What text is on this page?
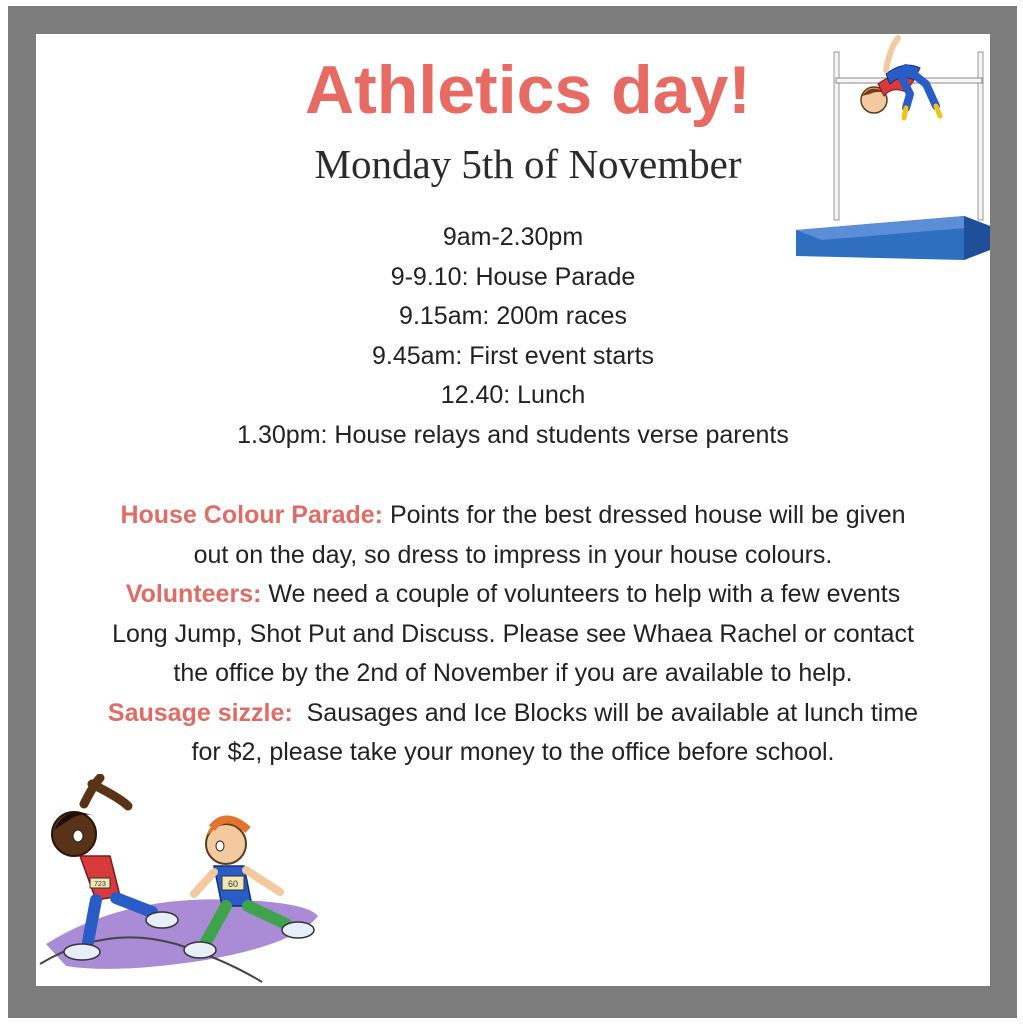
Athletics day!
Monday 5th of November
9am-2.30pm
9-9.10: House Parade
9.15am: 200m races
9.45am: First event starts
12.40: Lunch
1.30pm: House relays and students verse parents

House Colour Parade: Points for the best dressed house will be given

out on the day, so dress to impress in your house colours.

Volunteers: We need a couple of volunteers to help with a few events

Long Jump, Shot Put and Discuss. Please see Whaea Rachel or contact

the office by the 2nd of November if you are available to help.

Sausage sizzle:  Sausages and Ice Blocks will be available at lunch time

for $2, please take your money to the office before school.

723	60
